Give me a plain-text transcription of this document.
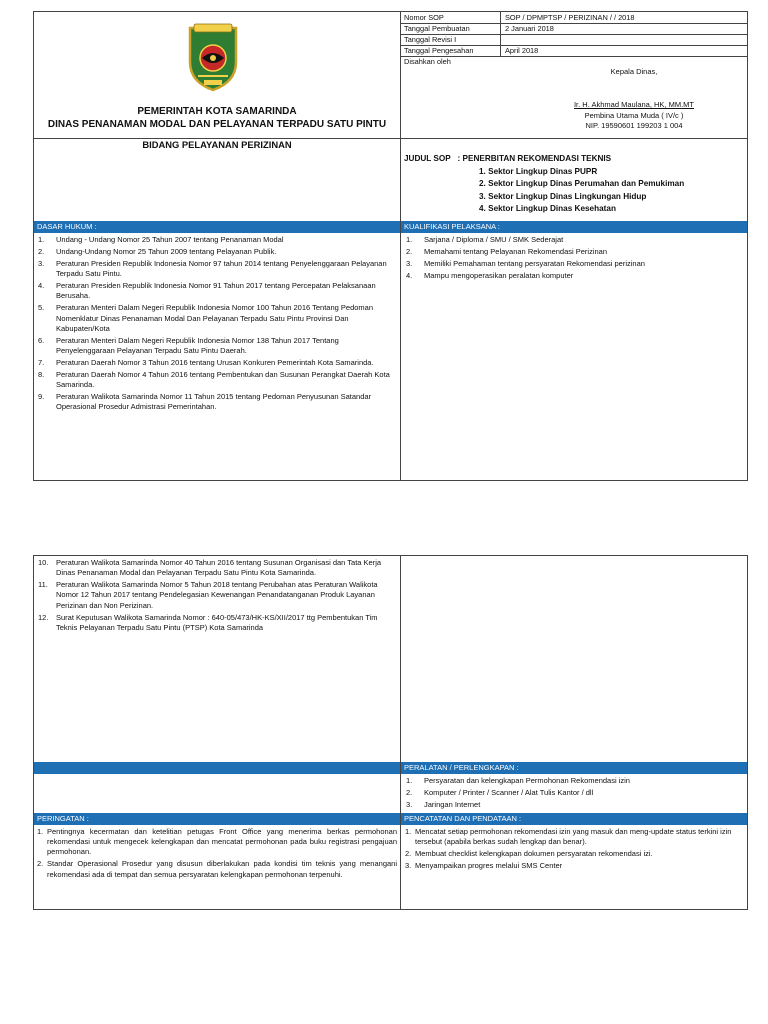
PEMERINTAH KOTA SAMARINDA
DINAS PENANAMAN MODAL DAN PELAYANAN TERPADU SATU PINTU
BIDANG PELAYANAN PERIZINAN
Nomor SOP	SOP / DPMPTSP / PERIZINAN / / 2018
Tanggal Pembuatan	2 Januari 2018
Tanggal Revisi I
Tanggal Pengesahan	April 2018
Disahkan oleh
Kepala Dinas,
Ir. H. Akhmad Maulana, HK, MM.MT
Pembina Utama Muda ( IV/c )
NIP. 19590601 199203 1 004
JUDUL SOP : PENERBITAN REKOMENDASI TEKNIS
1. Sektor Lingkup Dinas PUPR
2. Sektor Lingkup Dinas Perumahan dan Pemukiman
3. Sektor Lingkup Dinas Lingkungan Hidup
4. Sektor Lingkup Dinas Kesehatan
DASAR HUKUM :	KUALIFIKASI PELAKSANA :
1. Undang - Undang Nomor 25 Tahun 2007 tentang Penanaman Modal
2. Undang-Undang Nomor 25 Tahun 2009 tentang Pelayanan Publik.
3. Peraturan Presiden Republik Indonesia Nomor 97 tahun 2014 tentang Penyelenggaraan Pelayanan Terpadu Satu Pintu.
4. Peraturan Presiden Republik Indonesia Nomor 91 Tahun 2017 tentang Percepatan Pelaksanaan Berusaha.
5. Peraturan Menteri Dalam Negeri Republik Indonesia Nomor 100 Tahun 2016 Tentang Pedoman Nomenklatur Dinas Penanaman Modal Dan Pelayanan Terpadu Satu Pintu Provinsi Dan Kabupaten/Kota
6. Peraturan Menteri Dalam Negeri Republik Indonesia Nomor 138 Tahun 2017 Tentang Penyelenggaraan Pelayanan Terpadu Satu Pintu Daerah.
7. Peraturan Daerah Nomor 3 Tahun 2016 tentang Urusan Konkuren Pemerintah Kota Samarinda.
8. Peraturan Daerah Nomor 4 Tahun 2016 tentang Pembentukan dan Susunan Perangkat Daerah Kota Samarinda.
9. Peraturan Walikota Samarinda Nomor 11 Tahun 2015 tentang Pedoman Penyusunan Satandar Operasional Prosedur Admistrasi Pemerintahan.
1. Sarjana / Diploma / SMU / SMK Sederajat
2. Memahami tentang Pelayanan Rekomendasi Perizinan
3. Memiliki Pemahaman tentang persyaratan Rekomendasi perizinan
4. Mampu mengoperasikan peralatan komputer
10. Peraturan Walikota Samarinda Nomor 40 Tahun 2016 tentang Susunan Organisasi dan Tata Kerja Dinas Penanaman Modal dan Pelayanan Terpadu Satu Pintu Kota Samarinda.
11. Peraturan Walikota Samarinda Nomor 5 Tahun 2018 tentang Perubahan atas Peraturan Walikota Nomor 12 Tahun 2017 tentang Pendelegasian Kewenangan Penandatanganan Produk Layanan Perizinan dan Non Perizinan.
12. Surat Keputusan Walikota Samarinda Nomor : 640-05/473/HK-KS/XII/2017 ttg Pembentukan Tim Teknis Pelayanan Terpadu Satu Pintu (PTSP) Kota Samarinda
PERALATAN / PERLENGKAPAN :
1. Persyaratan dan kelengkapan Permohonan Rekomendasi izin
2. Komputer / Printer / Scanner / Alat Tulis Kantor / dll
3. Jaringan Internet
PERINGATAN :	PENCATATAN DAN PENDATAAN :
1. Pentingnya kecermatan dan ketelitian petugas Front Office yang menerima berkas permohonan rekomendasi untuk mengecek kelengkapan dan mencatat permohonan pada buku registrasi pengajuan permohonan.
2. Standar Operasional Prosedur yang disusun diberlakukan pada kondisi tim teknis yang menangani rekomendasi ada di tempat dan semua persyaratan kelengkapan permohonan terpenuhi.
1. Mencatat setiap permohonan rekomendasi izin yang masuk dan meng-update status terkini izin tersebut (apabila berkas sudah lengkap dan benar).
2. Membuat checklist kelengkapan dokumen persyaratan rekomendasi izi.
3. Menyampaikan progres melalui SMS Center
